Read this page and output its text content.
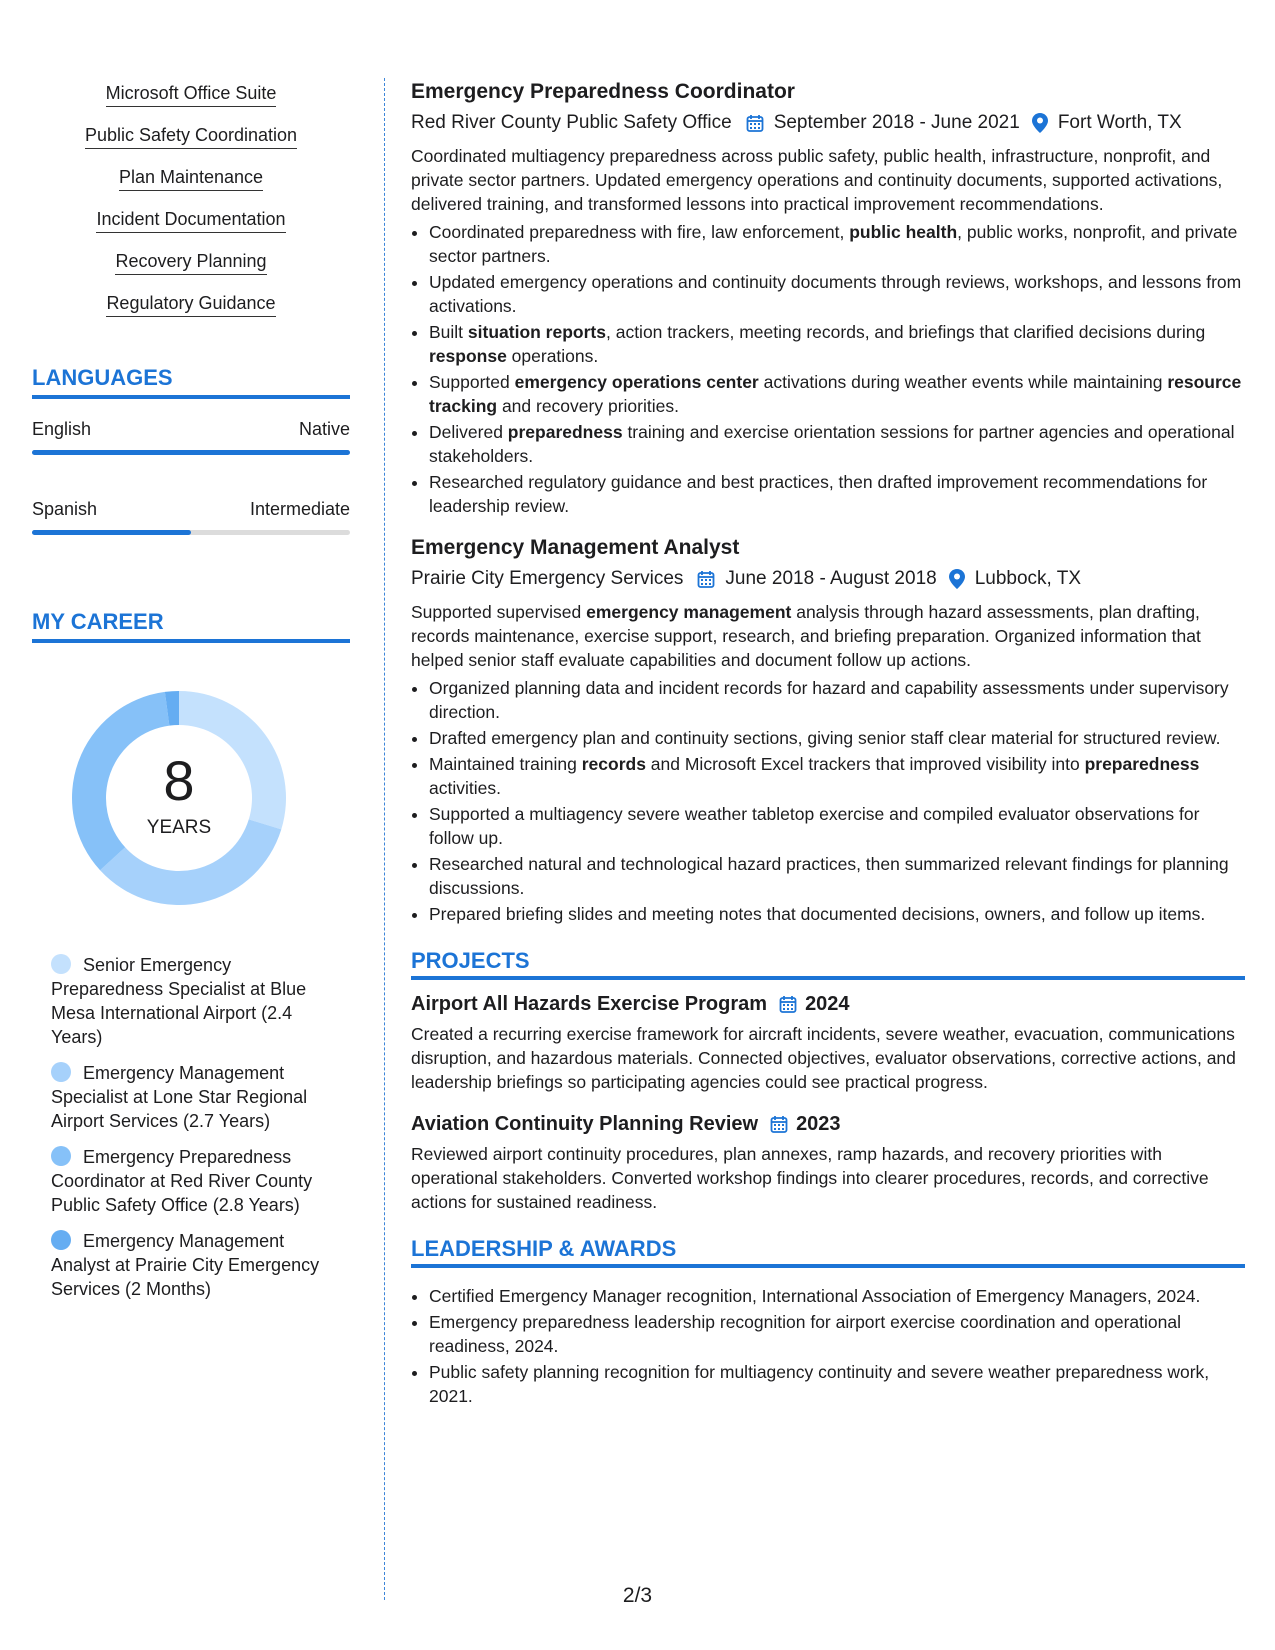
Microsoft Office Suite
Public Safety Coordination
Plan Maintenance
Incident Documentation
Recovery Planning
Regulatory Guidance
LANGUAGES
English	Native
Spanish	Intermediate
MY CAREER
8
YEARS
Senior Emergency Preparedness Specialist at Blue Mesa International Airport (2.4 Years)
Emergency Management Specialist at Lone Star Regional Airport Services (2.7 Years)
Emergency Preparedness Coordinator at Red River County Public Safety Office (2.8 Years)
Emergency Management Analyst at Prairie City Emergency Services (2 Months)
Emergency Preparedness Coordinator
Red River County Public Safety Office September 2018 - June 2021 Fort Worth, TX

Coordinated multiagency preparedness across public safety, public health, infrastructure, nonprofit, and private sector partners. Updated emergency operations and continuity documents, supported activations, delivered training, and transformed lessons into practical improvement recommendations.

• Coordinated preparedness with fire, law enforcement, public health, public works, nonprofit, and private sector partners.
• Updated emergency operations and continuity documents through reviews, workshops, and lessons from activations.
• Built situation reports, action trackers, meeting records, and briefings that clarified decisions during response operations.
• Supported emergency operations center activations during weather events while maintaining resource tracking and recovery priorities.
• Delivered preparedness training and exercise orientation sessions for partner agencies and operational stakeholders.
• Researched regulatory guidance and best practices, then drafted improvement recommendations for leadership review.
Emergency Management Analyst
Prairie City Emergency Services June 2018 - August 2018 Lubbock, TX

Supported supervised emergency management analysis through hazard assessments, plan drafting, records maintenance, exercise support, research, and briefing preparation. Organized information that helped senior staff evaluate capabilities and document follow up actions.

• Organized planning data and incident records for hazard and capability assessments under supervisory direction.
• Drafted emergency plan and continuity sections, giving senior staff clear material for structured review.
• Maintained training records and Microsoft Excel trackers that improved visibility into preparedness activities.
• Supported a multiagency severe weather tabletop exercise and compiled evaluator observations for follow up.
• Researched natural and technological hazard practices, then summarized relevant findings for planning discussions.
• Prepared briefing slides and meeting notes that documented decisions, owners, and follow up items.
PROJECTS
Airport All Hazards Exercise Program 2024

Created a recurring exercise framework for aircraft incidents, severe weather, evacuation, communications disruption, and hazardous materials. Connected objectives, evaluator observations, corrective actions, and leadership briefings so participating agencies could see practical progress.

Aviation Continuity Planning Review 2023

Reviewed airport continuity procedures, plan annexes, ramp hazards, and recovery priorities with operational stakeholders. Converted workshop findings into clearer procedures, records, and corrective actions for sustained readiness.

LEADERSHIP & AWARDS
• Certified Emergency Manager recognition, International Association of Emergency Managers, 2024.
• Emergency preparedness leadership recognition for airport exercise coordination and operational readiness, 2024.
• Public safety planning recognition for multiagency continuity and severe weather preparedness work, 2021.
2/3
